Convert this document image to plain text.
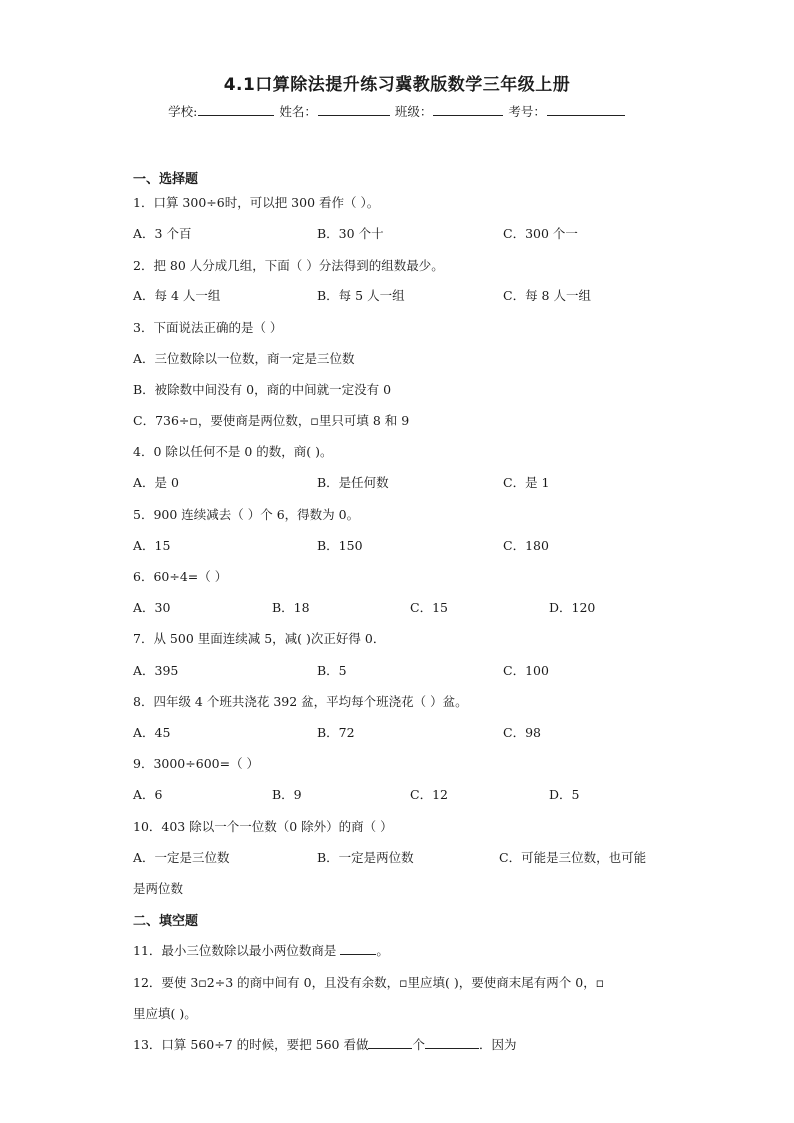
4.1口算除法提升练习冀教版数学三年级上册
学校:	姓名：	班级：	考号：
一、选择题
1．口算 300÷6时，可以把 300 看作（ ）。
A．3 个百	B．30 个十	C．300 个一
2．把 80 人分成几组，下面（ ）分法得到的组数最少。
A．每 4 人一组	B．每 5 人一组	C．每 8 人一组
3．下面说法正确的是（ ）
A．三位数除以一位数，商一定是三位数
B．被除数中间没有 0，商的中间就一定没有 0
C．736÷▫，要使商是两位数，▫里只可填 8 和 9
4．0 除以任何不是 0 的数，商( )。
A．是 0	B．是任何数	C．是 1
5．900 连续减去（ ）个 6，得数为 0。
A．15	B．150	C．180
6．60÷4=（ ）
A．30	B．18	C．15	D．120
7．从 500 里面连续减 5，减( )次正好得 0．
A．395	B．5	C．100
8．四年级 4 个班共浇花 392 盆，平均每个班浇花（ ）盆。
A．45	B．72	C．98
9．3000÷600=（ ）
A．6	B．9	C．12	D．5
10．403 除以一个一位数（0 除外）的商（ ）
A．一定是三位数	B．一定是两位数	C．可能是三位数，也可能
是两位数
二、填空题
11．最小三位数除以最小两位数商是	。
12．要使 3▫2÷3 的商中间有 0，且没有余数，▫里应填( )，要使商末尾有两个 0，▫
里应填( )。
13．口算 560÷7 的时候，要把 560 看做	个	．因为
